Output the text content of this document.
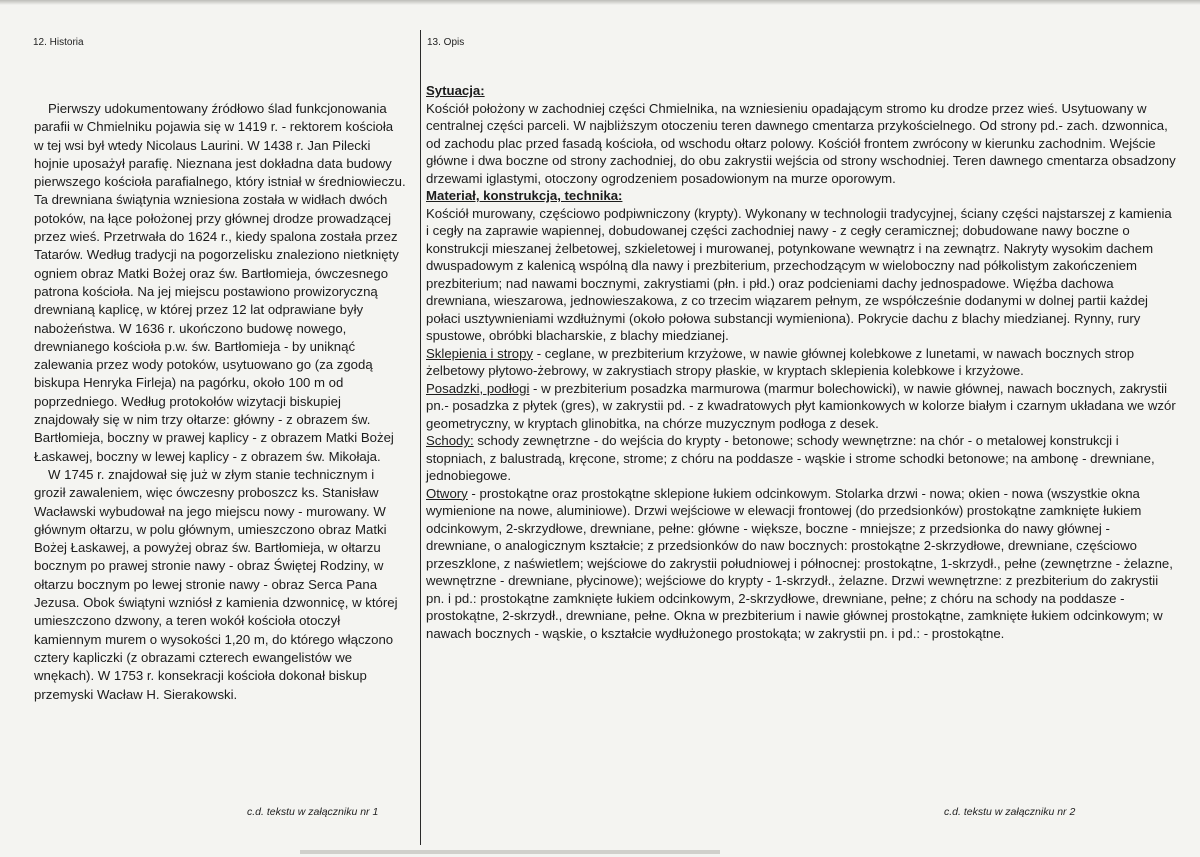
12. Historia	13. Opis

Pierwszy udokumentowany źródłowo ślad funkcjonowania parafii w Chmielniku pojawia się w 1419 r. - rektorem kościoła w tej wsi był wtedy Nicolaus Laurini. W 1438 r. Jan Pilecki hojnie uposażył parafię. Nieznana jest dokładna data budowy pierwszego kościoła parafialnego, który istniał w średniowieczu. Ta drewniana świątynia wzniesiona została w widłach dwóch potoków, na łące położonej przy głównej drodze prowadzącej przez wieś. Przetrwała do 1624 r., kiedy spalona została przez Tatarów. Według tradycji na pogorzelisku znaleziono nietknięty ogniem obraz Matki Bożej oraz św. Bartłomieja, ówczesnego patrona kościoła. Na jej miejscu postawiono prowizoryczną drewnianą kaplicę, w której przez 12 lat odprawiane były nabożeństwa. W 1636 r. ukończono budowę nowego, drewnianego kościoła p.w. św. Bartłomieja - by uniknąć zalewania przez wody potoków, usytuowano go (za zgodą biskupa Henryka Firleja) na pagórku, około 100 m od poprzedniego. Według protokołów wizytacji biskupiej znajdowały się w nim trzy ołtarze: główny - z obrazem św. Bartłomieja, boczny w prawej kaplicy - z obrazem Matki Bożej Łaskawej, boczny w lewej kaplicy - z obrazem św. Mikołaja.

W 1745 r. znajdował się już w złym stanie technicznym i groził zawaleniem, więc ówczesny proboszcz ks. Stanisław Wacławski wybudował na jego miejscu nowy - murowany. W głównym ołtarzu, w polu głównym, umieszczono obraz Matki Bożej Łaskawej, a powyżej obraz św. Bartłomieja, w ołtarzu bocznym po prawej stronie nawy - obraz Świętej Rodziny, w ołtarzu bocznym po lewej stronie nawy - obraz Serca Pana Jezusa. Obok świątyni wzniósł z kamienia dzwonnicę, w której umieszczono dzwony, a teren wokół kościoła otoczył kamiennym murem o wysokości 1,20 m, do którego włączono cztery kapliczki (z obrazami czterech ewangelistów we wnękach). W 1753 r. konsekracji kościoła dokonał biskup przemyski Wacław H. Sierakowski.

Sytuacja:
Kościół położony w zachodniej części Chmielnika, na wzniesieniu opadającym stromo ku drodze przez wieś. Usytuowany w centralnej części parceli. W najbliższym otoczeniu teren dawnego cmentarza przykościelnego. Od strony pd.- zach. dzwonnica, od zachodu plac przed fasadą kościoła, od wschodu ołtarz polowy. Kościół frontem zwrócony w kierunku zachodnim. Wejście główne i dwa boczne od strony zachodniej, do obu zakrystii wejścia od strony wschodniej. Teren dawnego cmentarza obsadzony drzewami iglastymi, otoczony ogrodzeniem posadowionym na murze oporowym.

Materiał, konstrukcja, technika:
Kościół murowany, częściowo podpiwniczony (krypty). Wykonany w technologii tradycyjnej, ściany części najstarszej z kamienia i cegły na zaprawie wapiennej, dobudowanej części zachodniej nawy - z cegły ceramicznej; dobudowane nawy boczne o konstrukcji mieszanej żelbetowej, szkieletowej i murowanej, potynkowane wewnątrz i na zewnątrz. Nakryty wysokim dachem dwuspadowym z kalenicą wspólną dla nawy i prezbiterium, przechodzącym w wieloboczny nad półkolistym zakończeniem prezbiterium; nad nawami bocznymi, zakrystiami (płn. i płd.) oraz podcieniami dachy jednospadowe. Więźba dachowa drewniana, wieszarowa, jednowieszakowa, z co trzecim wiązarem pełnym, ze współcześnie dodanymi w dolnej partii każdej połaci usztywnieniami wzdłużnymi (około połowa substancji wymieniona). Pokrycie dachu z blachy miedzianej. Rynny, rury spustowe, obróbki blacharskie, z blachy miedzianej.

Sklepienia i stropy - ceglane, w prezbiterium krzyżowe, w nawie głównej kolebkowe z lunetami, w nawach bocznych strop żelbetowy płytowo-żebrowy, w zakrystiach stropy płaskie, w kryptach sklepienia kolebkowe i krzyżowe.

Posadzki, podłogi - w prezbiterium posadzka marmurowa (marmur bolechowicki), w nawie głównej, nawach bocznych, zakrystii pn.- posadzka z płytek (gres), w zakrystii pd. - z kwadratowych płyt kamionkowych w kolorze białym i czarnym układana we wzór geometryczny, w kryptach glinobitka, na chórze muzycznym podłoga z desek.

Schody: schody zewnętrzne - do wejścia do krypty - betonowe; schody wewnętrzne: na chór - o metalowej konstrukcji i stopniach, z balustradą, kręcone, strome; z chóru na poddasze - wąskie i strome schodki betonowe; na ambonę - drewniane, jednobiegowe.

Otwory - prostokątne oraz prostokątne sklepione łukiem odcinkowym. Stolarka drzwi - nowa; okien - nowa (wszystkie okna wymienione na nowe, aluminiowe). Drzwi wejściowe w elewacji frontowej (do przedsionków) prostokątne zamknięte łukiem odcinkowym, 2-skrzydłowe, drewniane, pełne: główne - większe, boczne - mniejsze; z przedsionka do nawy głównej - drewniane, o analogicznym kształcie; z przedsionków do naw bocznych: prostokątne 2-skrzydłowe, drewniane, częściowo przeszklone, z naświetlem; wejściowe do zakrystii południowej i północnej: prostokątne, 1-skrzydł., pełne (zewnętrzne - żelazne, wewnętrzne - drewniane, płycinowe); wejściowe do krypty - 1-skrzydł., żelazne. Drzwi wewnętrzne: z prezbiterium do zakrystii pn. i pd.: prostokątne zamknięte łukiem odcinkowym, 2-skrzydłowe, drewniane, pełne; z chóru na schody na poddasze - prostokątne, 2-skrzydł., drewniane, pełne. Okna w prezbiterium i nawie głównej prostokątne, zamknięte łukiem odcinkowym; w nawach bocznych - wąskie, o kształcie wydłużonego prostokąta; w zakrystii pn. i pd.: - prostokątne.

c.d. tekstu w załączniku nr 1	c.d. tekstu w załączniku nr 2
